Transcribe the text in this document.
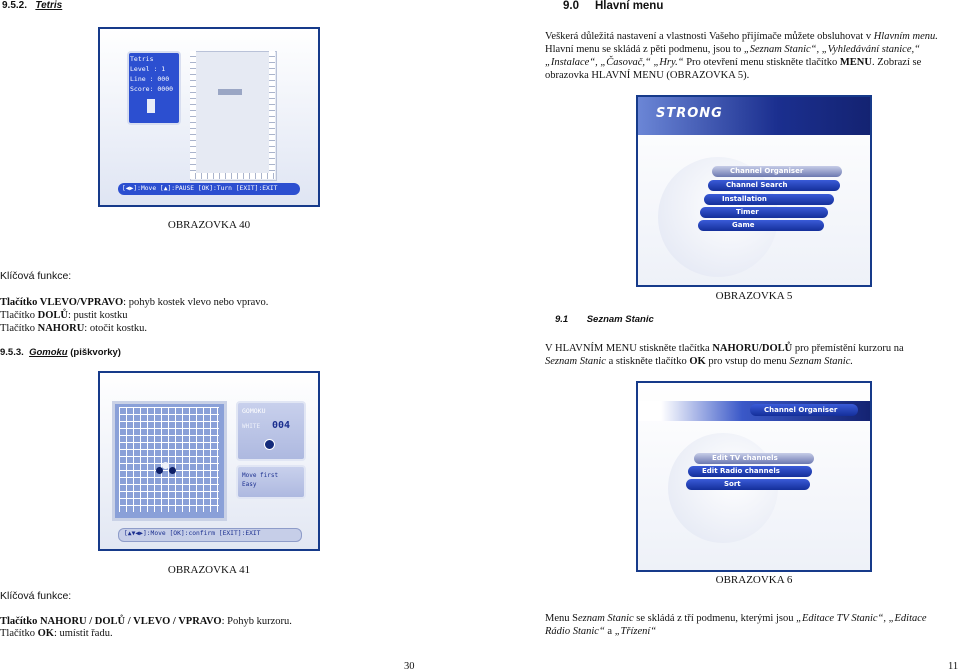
9.5.2. Tetris
Tetris
Level : 1
Line : 000
Score: 0000
[◀▶]:Move [▲]:PAUSE [OK]:Turn [EXIT]:EXIT
OBRAZOVKA 40
Klíčová funkce:
Tlačítko VLEVO/VPRAVO: pohyb kostek vlevo nebo vpravo.
Tlačítko DOLŮ: pustit kostku
Tlačítko NAHORU: otočit kostku.
9.5.3. Gomoku (piškvorky)
GOMOKU
WHITE 004
Move first
Easy
[▲▼◀▶]:Move [OK]:confirm [EXIT]:EXIT
OBRAZOVKA 41
Klíčová funkce:
Tlačítko NAHORU / DOLŮ / VLEVO / VPRAVO: Pohyb kurzoru.
Tlačítko OK: umístit řadu.
30
9.0 Hlavní menu
Veškerá důležitá nastavení a vlastnosti Vašeho přijímače můžete obsluhovat v Hlavním menu.
Hlavní menu se skládá z pěti podmenu, jsou to „Seznam Stanic“, „Vyhledávání stanice,“
„Instalace“, „Časovač,“ „Hry.“ Pro otevření menu stiskněte tlačítko MENU. Zobrazí se
obrazovka HLAVNÍ MENU (OBRAZOVKA 5).
STRONG
Channel Organiser
Channel Search
Installation
Timer
Game
OBRAZOVKA 5
9.1 Seznam Stanic
V HLAVNÍM MENU stiskněte tlačítka NAHORU/DOLŮ pro přemístění kurzoru na
Seznam Stanic a stiskněte tlačítko OK pro vstup do menu Seznam Stanic.
Channel Organiser
Edit TV channels
Edit Radio channels
Sort
OBRAZOVKA 6
Menu Seznam Stanic se skládá z tří podmenu, kterými jsou „Editace TV Stanic“, „Editace
Rádio Stanic“ a „Třízení“
11
